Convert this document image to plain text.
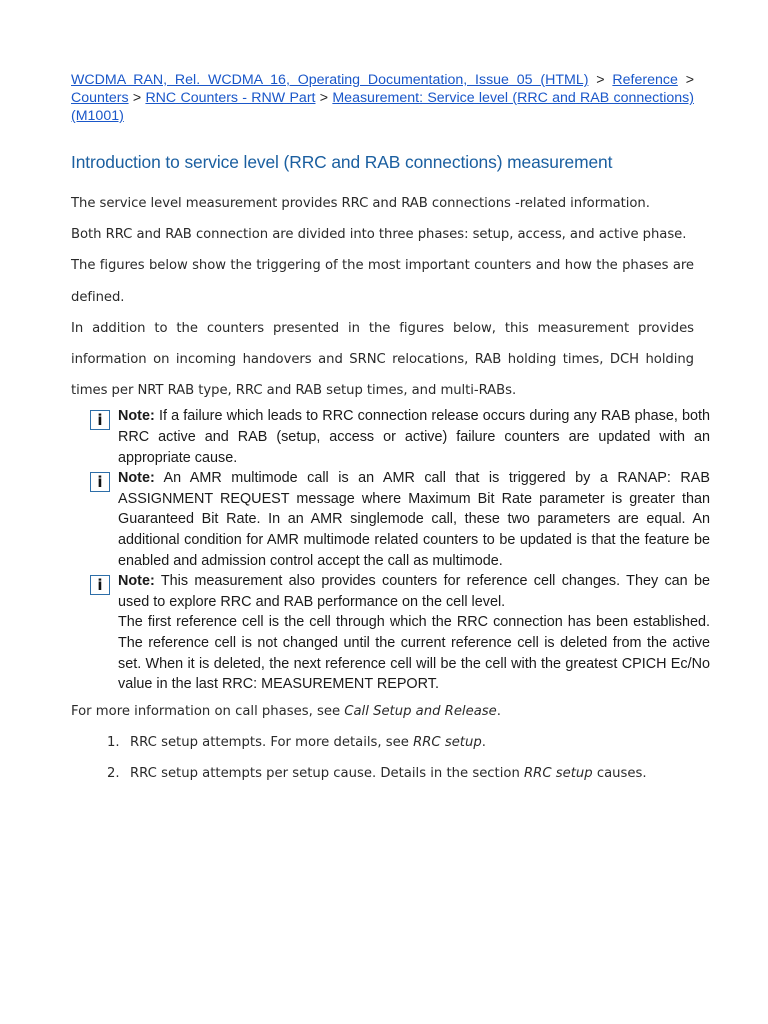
WCDMA RAN, Rel. WCDMA 16, Operating Documentation, Issue 05 (HTML) > Reference > Counters > RNC Counters - RNW Part > Measurement: Service level (RRC and RAB connections) (M1001)

Introduction to service level (RRC and RAB connections) measurement

The service level measurement provides RRC and RAB connections -related information.

Both RRC and RAB connection are divided into three phases: setup, access, and active phase.

The figures below show the triggering of the most important counters and how the phases are defined.

In addition to the counters presented in the figures below, this measurement provides information on incoming handovers and SRNC relocations, RAB holding times, DCH holding times per NRT RAB type, RRC and RAB setup times, and multi-RABs.

i Note: If a failure which leads to RRC connection release occurs during any RAB phase, both RRC active and RAB (setup, access or active) failure counters are updated with an appropriate cause.

i Note: An AMR multimode call is an AMR call that is triggered by a RANAP: RAB ASSIGNMENT REQUEST message where Maximum Bit Rate parameter is greater than Guaranteed Bit Rate. In an AMR singlemode call, these two parameters are equal. An additional condition for AMR multimode related counters to be updated is that the feature be enabled and admission control accept the call as multimode.

i Note: This measurement also provides counters for reference cell changes. They can be used to explore RRC and RAB performance on the cell level.

The first reference cell is the cell through which the RRC connection has been established. The reference cell is not changed until the current reference cell is deleted from the active set. When it is deleted, the next reference cell will be the cell with the greatest CPICH Ec/No value in the last RRC: MEASUREMENT REPORT.

For more information on call phases, see Call Setup and Release.

1. RRC setup attempts. For more details, see RRC setup.
2. RRC setup attempts per setup cause. Details in the section RRC setup causes.
